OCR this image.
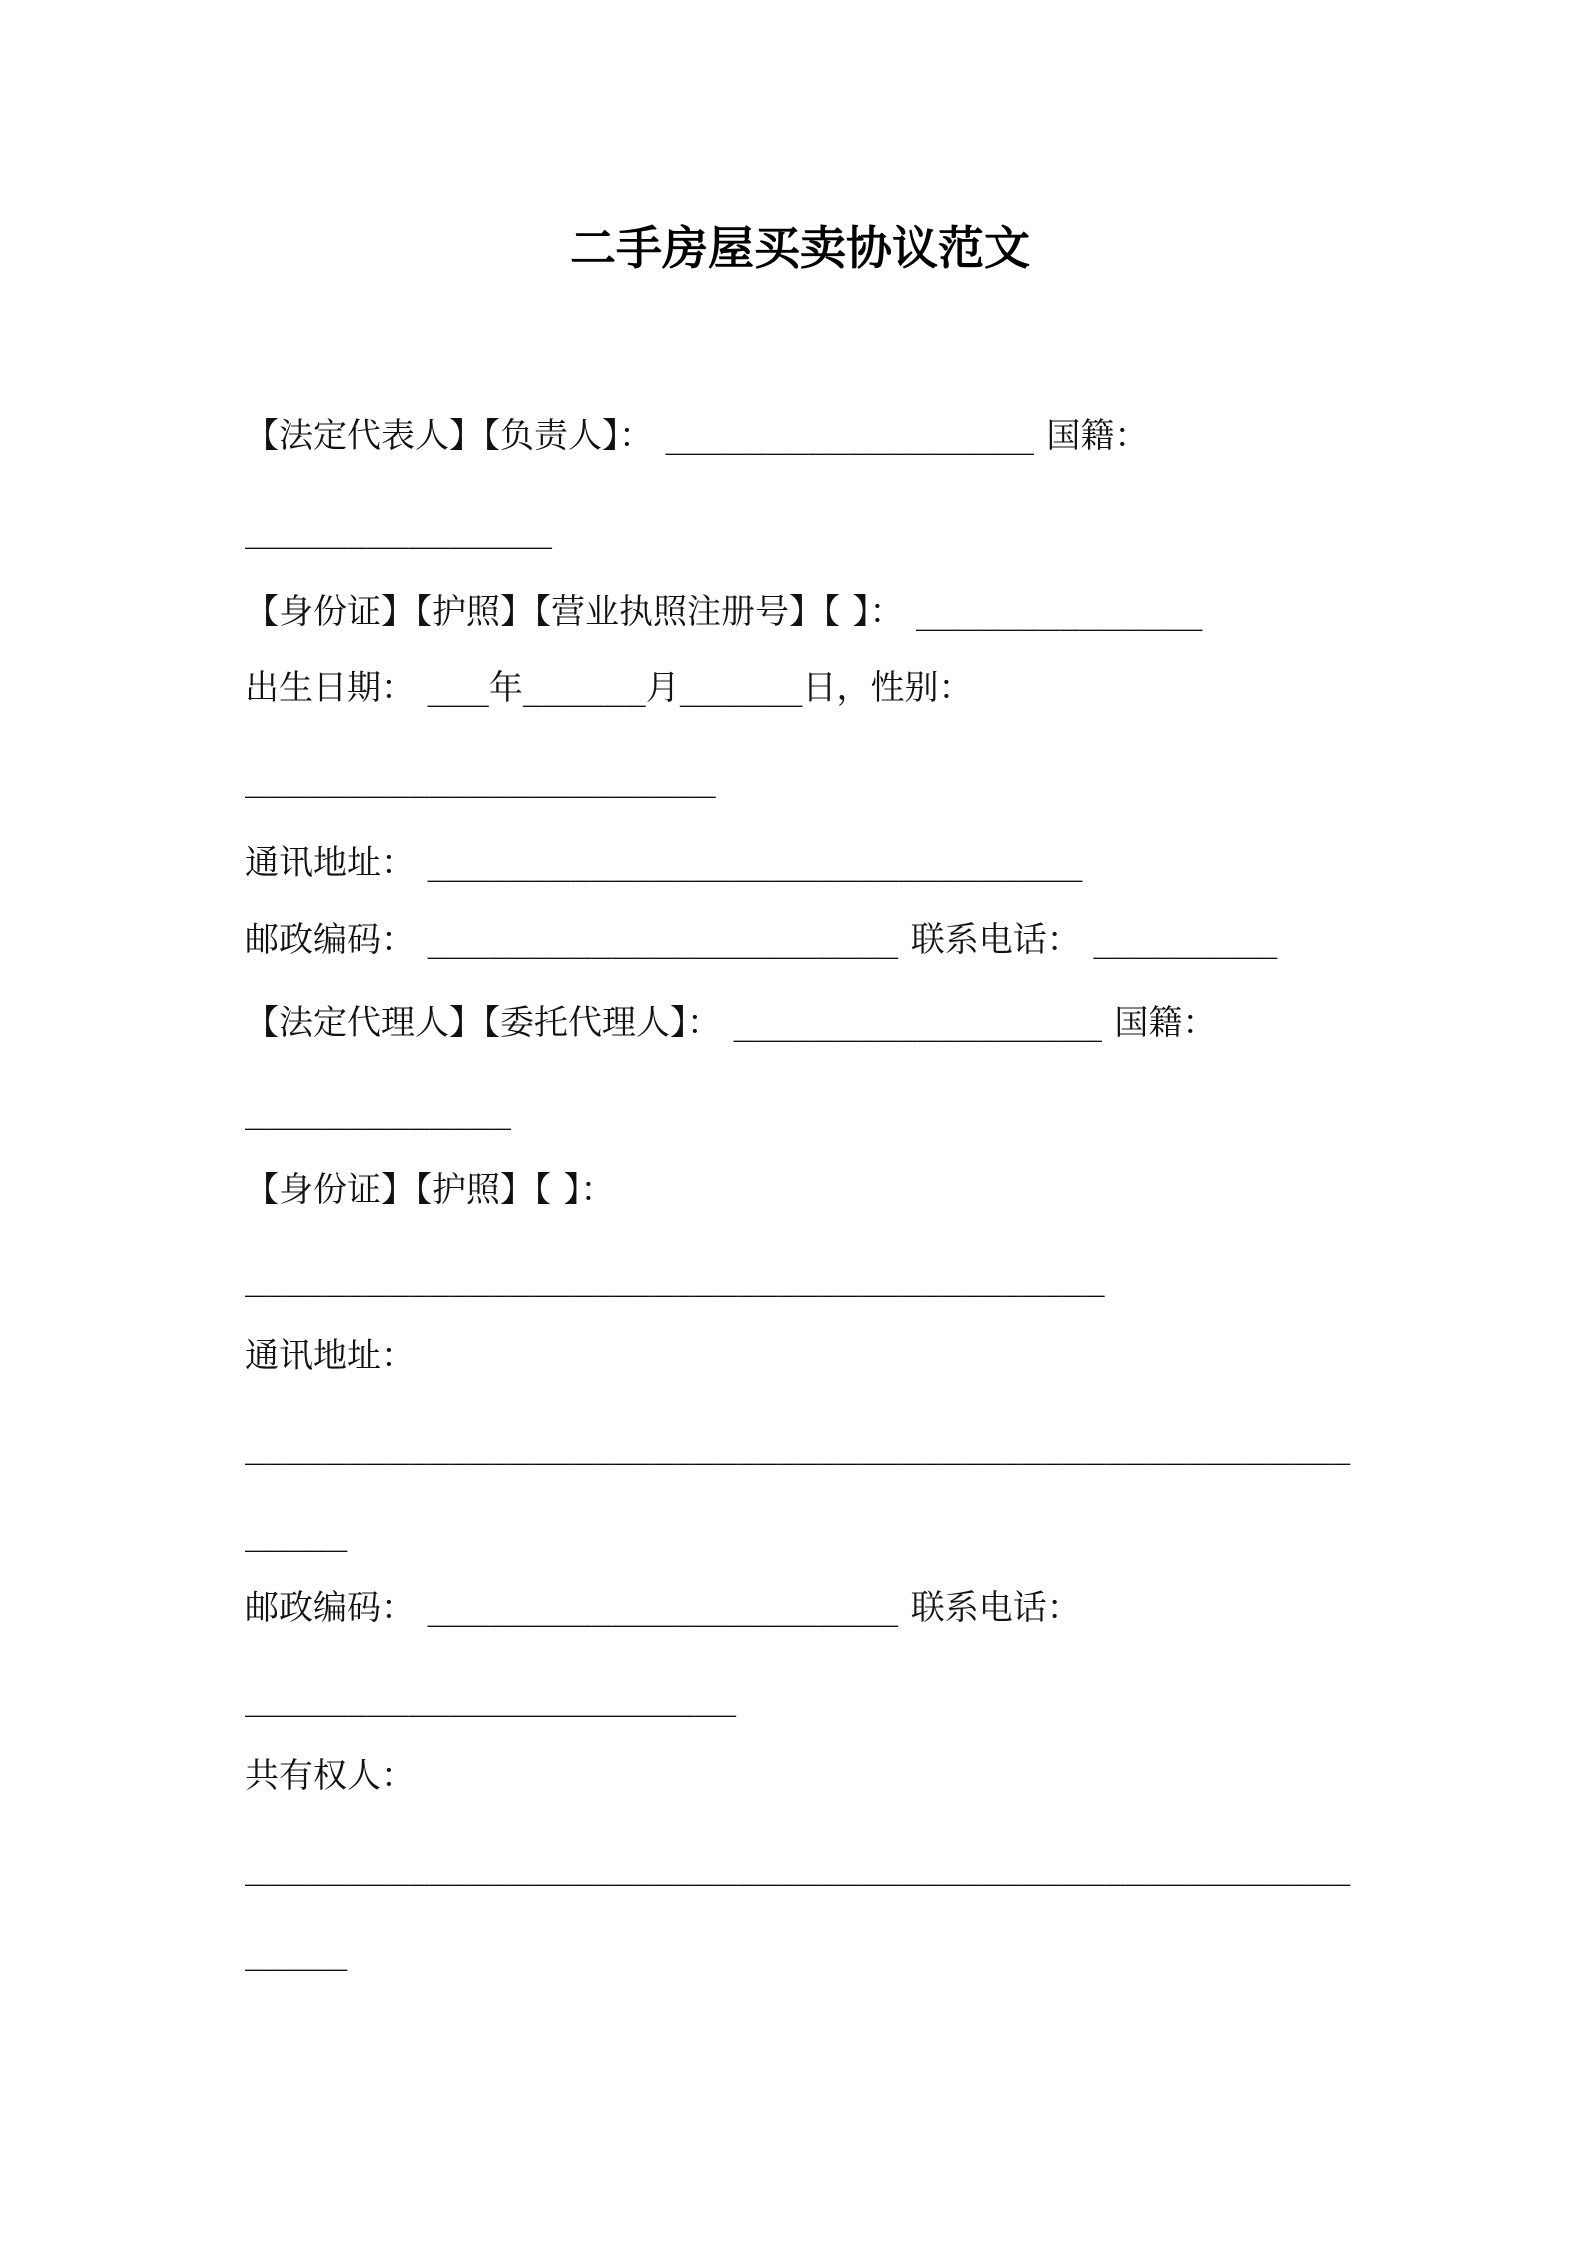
二手房屋买卖协议范文
【法定代表人】【负责人】： __________________ 国籍：
_______________
【身份证】【护照】【营业执照注册号】【 】： ______________
出生日期： ___年______月______日，性别：
_______________________
通讯地址： ________________________________
邮政编码： _______________________ 联系电话： _________
【法定代理人】【委托代理人】： __________________ 国籍：
_____________
【身份证】【护照】【 】：
__________________________________________
通讯地址：
______________________________________________________
_____
邮政编码： _______________________ 联系电话：
________________________
共有权人：
______________________________________________________
_____
